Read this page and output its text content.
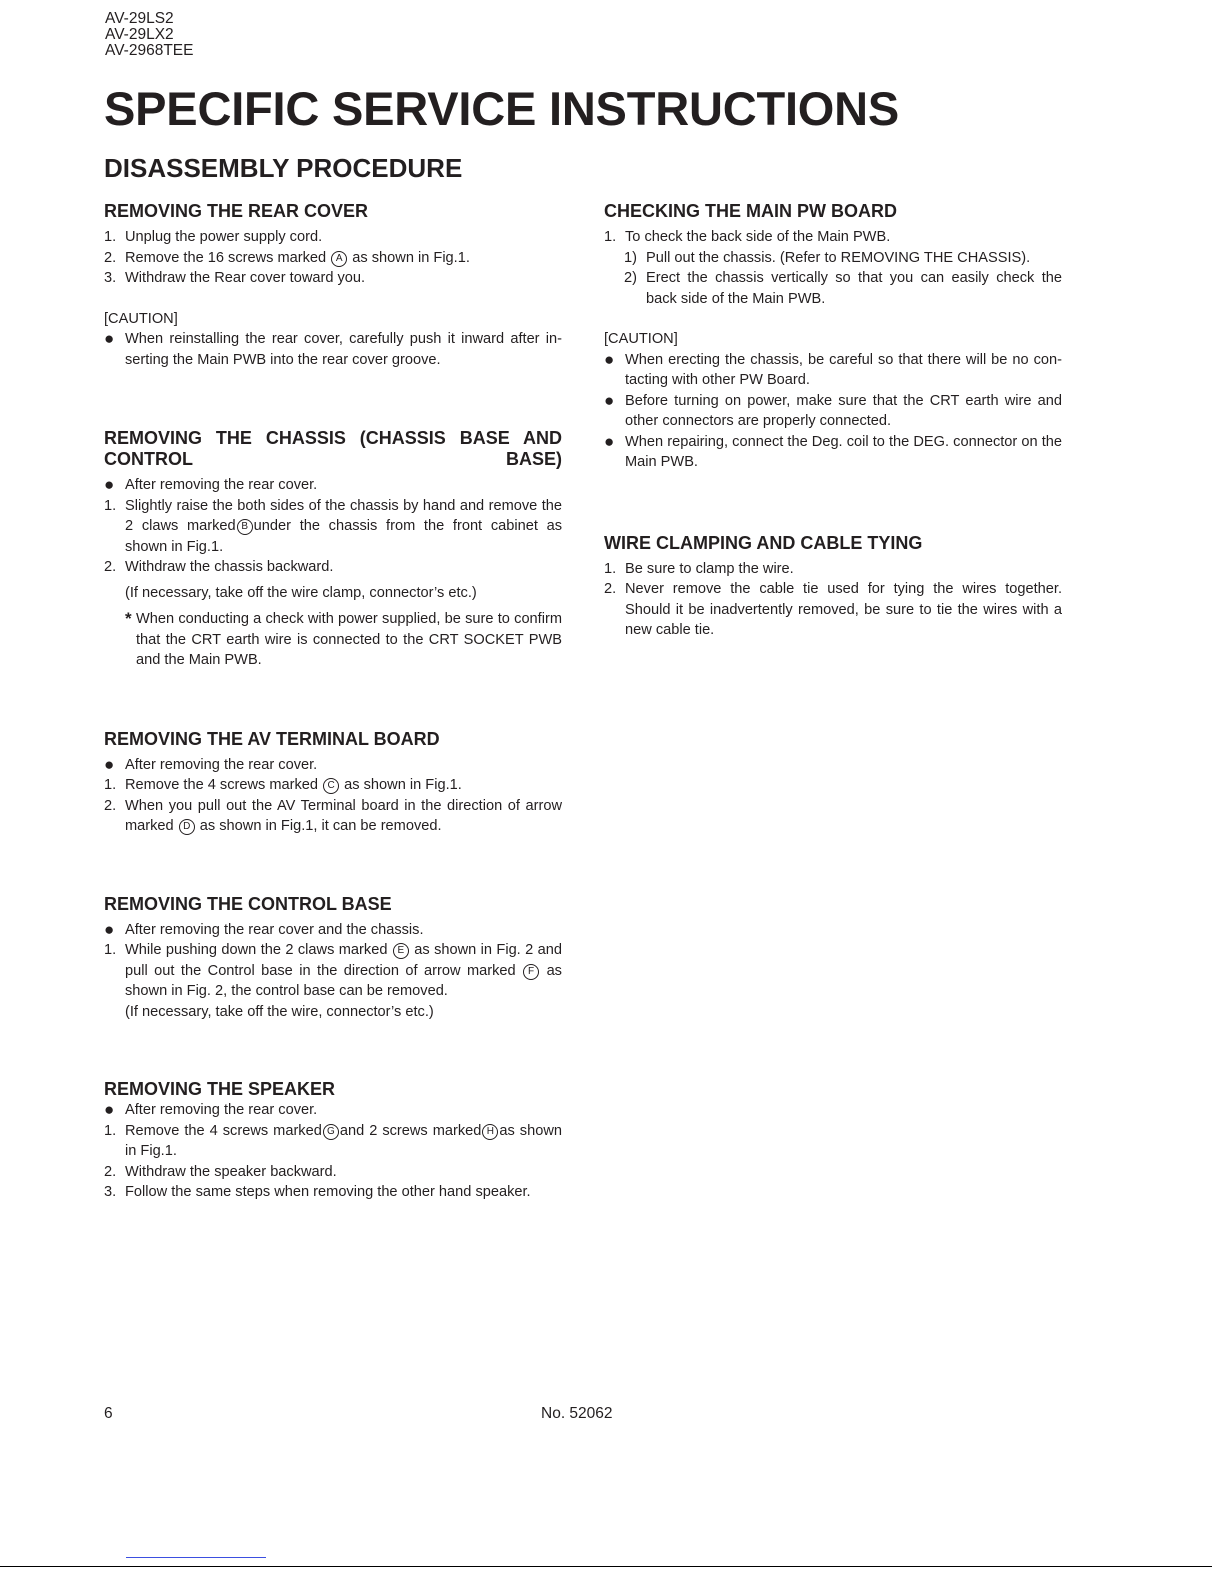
AV-29LS2
AV-29LX2
AV-2968TEE
SPECIFIC SERVICE INSTRUCTIONS
DISASSEMBLY PROCEDURE
REMOVING THE REAR COVER
1. Unplug the power supply cord.
2. Remove the 16 screws marked A as shown in Fig.1.
3. Withdraw the Rear cover toward you.
[CAUTION]
● When reinstalling the rear cover, carefully push it inward after in-serting the Main PWB into the rear cover groove.
REMOVING THE CHASSIS (CHASSIS BASE AND CONTROL BASE)
● After removing the rear cover.
1. Slightly raise the both sides of the chassis by hand and remove the 2 claws marked B under the chassis from the front cabinet as shown in Fig.1.
2. Withdraw the chassis backward.
(If necessary, take off the wire clamp, connector’s etc.)
* When conducting a check with power supplied, be sure to confirm that the CRT earth wire is connected to the CRT SOCKET PWB and the Main PWB.
REMOVING THE AV TERMINAL BOARD
● After removing the rear cover.
1. Remove the 4 screws marked C as shown in Fig.1.
2. When you pull out the AV Terminal board in the direction of arrow marked D as shown in Fig.1, it can be removed.
REMOVING THE CONTROL BASE
● After removing the rear cover and the chassis.
1. While pushing down the 2 claws marked E as shown in Fig. 2 and pull out the Control base in the direction of arrow marked F as shown in Fig. 2, the control base can be removed.
(If necessary, take off the wire, connector’s etc.)
REMOVING THE SPEAKER
● After removing the rear cover.
1. Remove the 4 screws marked G and 2 screws marked H as shown in Fig.1.
2. Withdraw the speaker backward.
3. Follow the same steps when removing the other hand speaker.
CHECKING THE MAIN PW BOARD
1. To check the back side of the Main PWB.
1) Pull out the chassis. (Refer to REMOVING THE CHASSIS).
2) Erect the chassis vertically so that you can easily check the back side of the Main PWB.
[CAUTION]
● When erecting the chassis, be careful so that there will be no con-tacting with other PW Board.
● Before turning on power, make sure that the CRT earth wire and other connectors are properly connected.
● When repairing, connect the Deg. coil to the DEG. connector on the Main PWB.
WIRE CLAMPING AND CABLE TYING
1. Be sure to clamp the wire.
2. Never remove the cable tie used for tying the wires together. Should it be inadvertently removed, be sure to tie the wires with a new cable tie.
6	No. 52062
